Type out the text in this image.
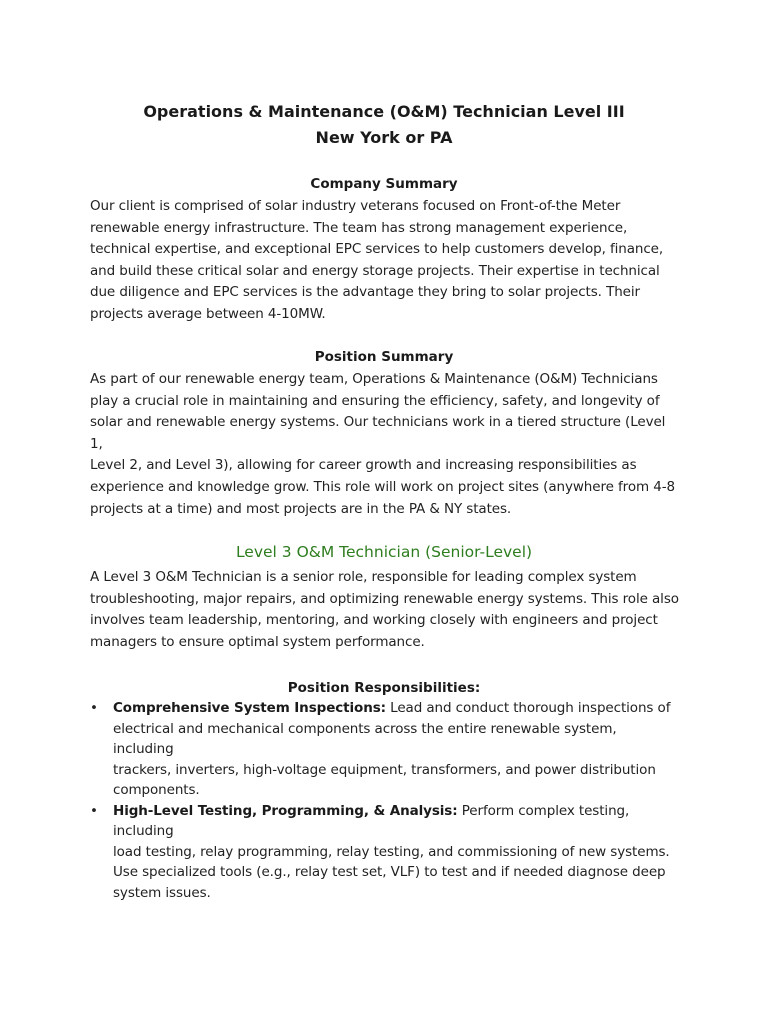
Operations & Maintenance (O&M) Technician Level III
New York or PA
Company Summary
Our client is comprised of solar industry veterans focused on Front-of-the Meter
renewable energy infrastructure. The team has strong management experience,
technical expertise, and exceptional EPC services to help customers develop, finance,
and build these critical solar and energy storage projects. Their expertise in technical
due diligence and EPC services is the advantage they bring to solar projects. Their
projects average between 4-10MW.
Position Summary
As part of our renewable energy team, Operations & Maintenance (O&M) Technicians
play a crucial role in maintaining and ensuring the efficiency, safety, and longevity of
solar and renewable energy systems. Our technicians work in a tiered structure (Level 1,
Level 2, and Level 3), allowing for career growth and increasing responsibilities as
experience and knowledge grow. This role will work on project sites (anywhere from 4-8
projects at a time) and most projects are in the PA & NY states.
Level 3 O&M Technician (Senior-Level)
A Level 3 O&M Technician is a senior role, responsible for leading complex system
troubleshooting, major repairs, and optimizing renewable energy systems. This role also
involves team leadership, mentoring, and working closely with engineers and project
managers to ensure optimal system performance.
Position Responsibilities:
• Comprehensive System Inspections: Lead and conduct thorough inspections of
electrical and mechanical components across the entire renewable system, including
trackers, inverters, high-voltage equipment, transformers, and power distribution
components.
• High-Level Testing, Programming, & Analysis: Perform complex testing, including
load testing, relay programming, relay testing, and commissioning of new systems.
Use specialized tools (e.g., relay test set, VLF) to test and if needed diagnose deep
system issues.
